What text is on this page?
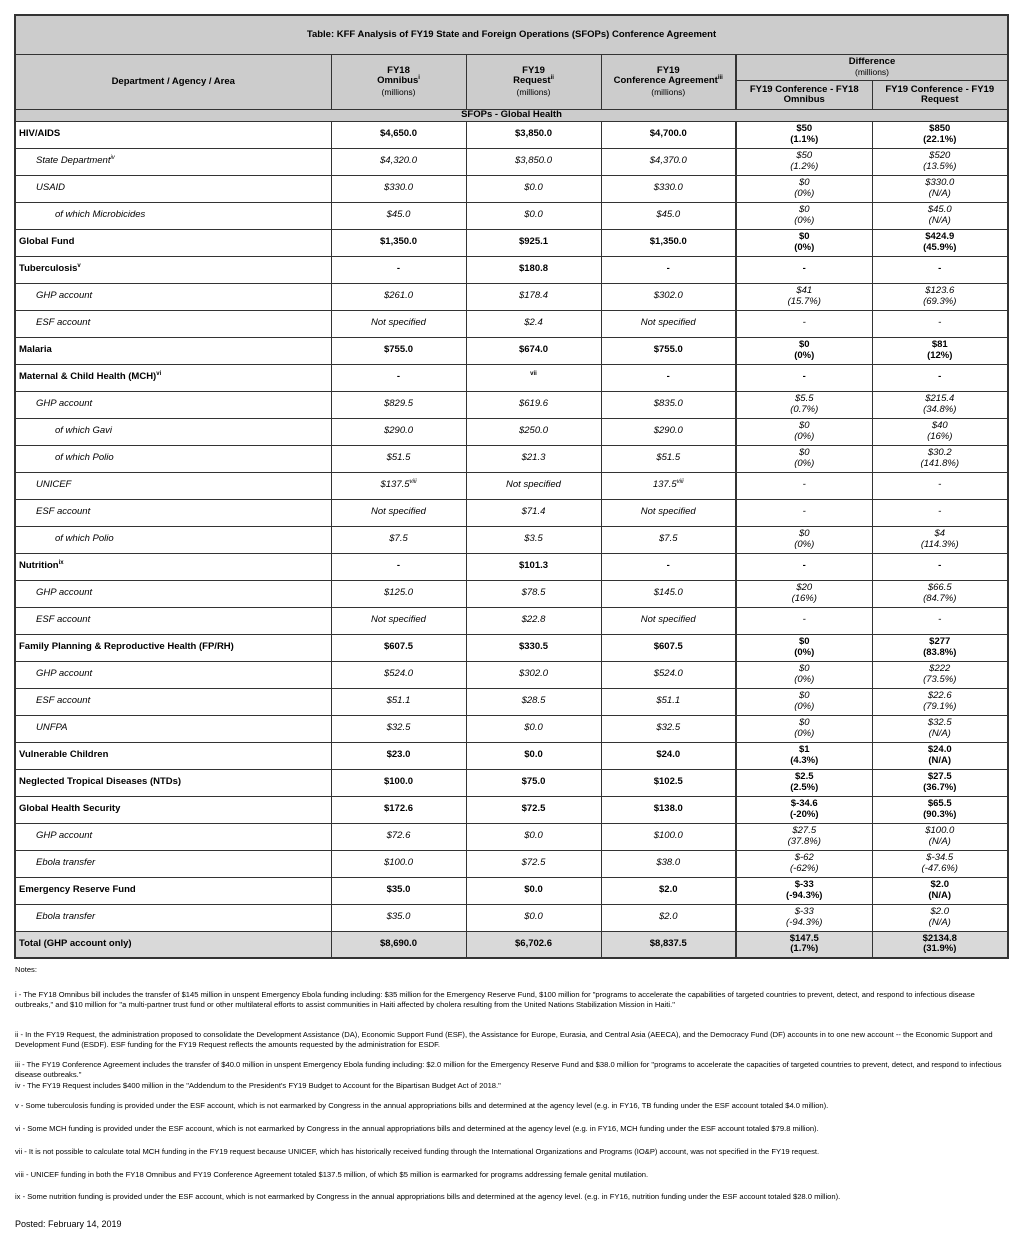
Table: KFF Analysis of FY19 State and Foreign Operations (SFOPs) Conference Agreement					
Department / Agency / Area	FY18
Omnibus$^i$
(millions)	FY19
Request$^{ii}$
(millions)	FY19
Conference Agreement$^{iii}$
(millions)	Difference
(millions)	
				FY19 Conference - FY18 Omnibus	FY19 Conference - FY19 Request
SFOPs - Global Health					
HIV/AIDS	$4,650.0	$3,850.0	$4,700.0	$50
(1.1%)	$850
(22.1%)
State Department$^{iv}$	$4,320.0	$3,850.0	$4,370.0	$50
(1.2%)	$520
(13.5%)
USAID	$330.0	$0.0	$330.0	$0
(0%)	$330.0
(N/A)
of which Microbicides	$45.0	$0.0	$45.0	$0
(0%)	$45.0
(N/A)
Global Fund	$1,350.0	$925.1	$1,350.0	$0
(0%)	$424.9
(45.9%)
Tuberculosis$^v$	-	$180.8	-	-	-
GHP account	$261.0	$178.4	$302.0	$41
(15.7%)	$123.6
(69.3%)
ESF account	Not specified	$2.4	Not specified	-	-
Malaria	$755.0	$674.0	$755.0	$0
(0%)	$81
(12%)
Maternal & Child Health (MCH)$^{vi}$	-	$^{vii}$	-	-	-
GHP account	$829.5	$619.6	$835.0	$5.5
(0.7%)	$215.4
(34.8%)
of which Gavi	$290.0	$250.0	$290.0	$0
(0%)	$40
(16%)
of which Polio	$51.5	$21.3	$51.5	$0
(0%)	$30.2
(141.8%)
UNICEF	$137.5$^{viii}$	Not specified	137.5$^{viii}$	-	-
ESF account	Not specified	$71.4	Not specified	-	-
of which Polio	$7.5	$3.5	$7.5	$0
(0%)	$4
(114.3%)
Nutrition$^{ix}$	-	$101.3	-	-	-
GHP account	$125.0	$78.5	$145.0	$20
(16%)	$66.5
(84.7%)
ESF account	Not specified	$22.8	Not specified	-	-
Family Planning & Reproductive Health (FP/RH)	$607.5	$330.5	$607.5	$0
(0%)	$277
(83.8%)
GHP account	$524.0	$302.0	$524.0	$0
(0%)	$222
(73.5%)
ESF account	$51.1	$28.5	$51.1	$0
(0%)	$22.6
(79.1%)
UNFPA	$32.5	$0.0	$32.5	$0
(0%)	$32.5
(N/A)
Vulnerable Children	$23.0	$0.0	$24.0	$1
(4.3%)	$24.0
(N/A)
Neglected Tropical Diseases (NTDs)	$100.0	$75.0	$102.5	$2.5
(2.5%)	$27.5
(36.7%)
Global Health Security	$172.6	$72.5	$138.0	$-34.6
(-20%)	$65.5
(90.3%)
GHP account	$72.6	$0.0	$100.0	$27.5
(37.8%)	$100.0
(N/A)
Ebola transfer	$100.0	$72.5	$38.0	$-62
(-62%)	$-34.5
(-47.6%)
Emergency Reserve Fund	$35.0	$0.0	$2.0	$-33
(-94.3%)	$2.0
(N/A)
Ebola transfer	$35.0	$0.0	$2.0	$-33
(-94.3%)	$2.0
(N/A)
Total (GHP account only)	$8,690.0	$6,702.6	$8,837.5	$147.5
(1.7%)	$2134.8
(31.9%)

Notes:

i - The FY18 Omnibus bill includes the transfer of $145 million in unspent Emergency Ebola funding including: $35 million for the Emergency Reserve Fund, $100 million for "programs to accelerate the capabilities of targeted countries to prevent, detect, and respond to infectious disease outbreaks," and $10 million for "a multi-partner trust fund or other multilateral efforts to assist communities in Haiti affected by cholera resulting from the United Nations Stabilization Mission in Haiti."

ii - In the FY19 Request, the administration proposed to consolidate the Development Assistance (DA), Economic Support Fund (ESF), the Assistance for Europe, Eurasia, and Central Asia (AEECA), and the Democracy Fund (DF) accounts in to one new account -- the Economic Support and Development Fund (ESDF). ESF funding for the FY19 Request reflects the amounts requested by the administration for ESDF.

iii - The FY19 Conference Agreement includes the transfer of $40.0 million in unspent Emergency Ebola funding including: $2.0 million for the Emergency Reserve Fund and $38.0 million for "programs to accelerate the capacities of targeted countries to prevent, detect, and respond to infectious disease outbreaks."

iv - The FY19 Request includes $400 million in the "Addendum to the President's FY19 Budget to Account for the Bipartisan Budget Act of 2018."

v - Some tuberculosis funding is provided under the ESF account, which is not earmarked by Congress in the annual appropriations bills and determined at the agency level (e.g. in FY16, TB funding under the ESF account totaled $4.0 million).

vi - Some MCH funding is provided under the ESF account, which is not earmarked by Congress in the annual appropriations bills and determined at the agency level (e.g. in FY16, MCH funding under the ESF account totaled $79.8 million).

vii - It is not possible to calculate total MCH funding in the FY19 request because UNICEF, which has historically received funding through the International Organizations and Programs (IO&P) account, was not specified in the FY19 request.

viii - UNICEF funding in both the FY18 Omnibus and FY19 Conference Agreement totaled $137.5 million, of which $5 million is earmarked for programs addressing female genital mutilation.

ix - Some nutrition funding is provided under the ESF account, which is not earmarked by Congress in the annual appropriations bills and determined at the agency level. (e.g. in FY16, nutrition funding under the ESF account totaled $28.0 million).

Posted: February 14, 2019
